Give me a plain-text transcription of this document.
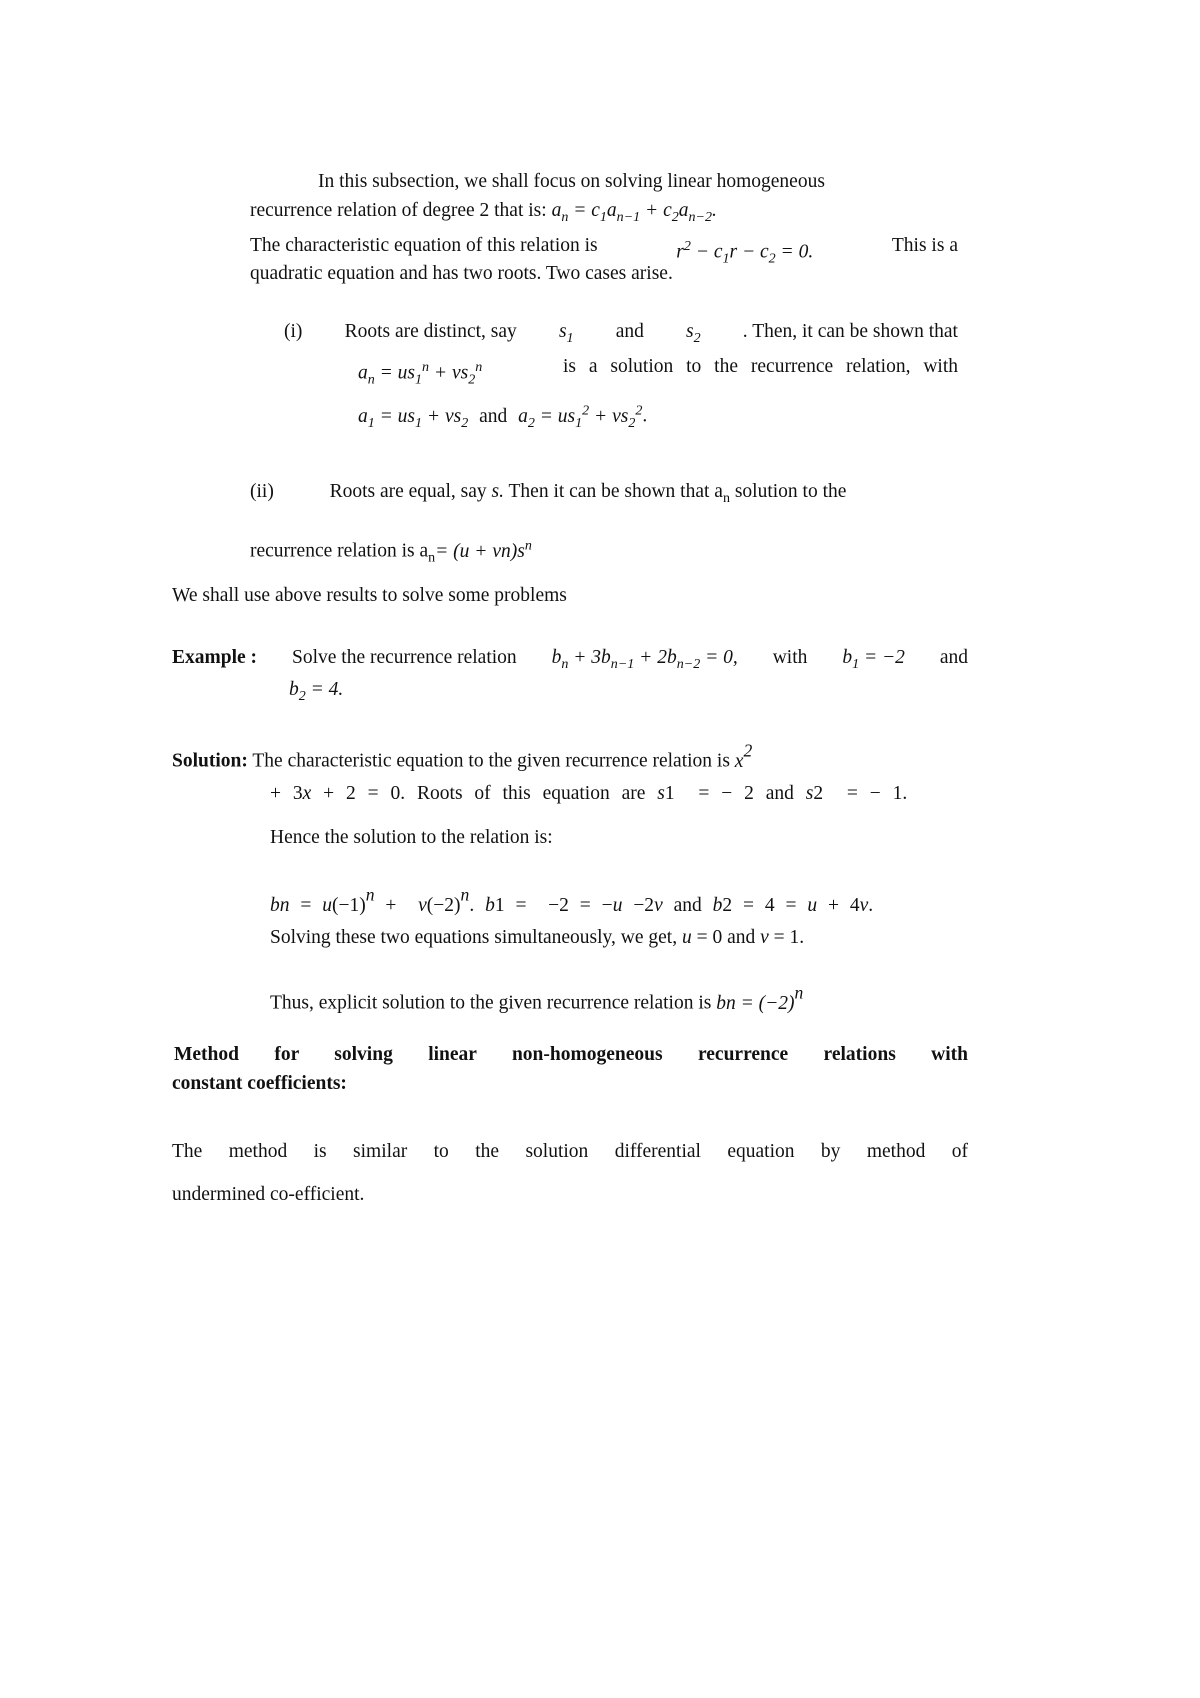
In this subsection, we shall focus on solving linear homogeneous
recurrence relation of degree 2 that is: $a_n = c_1a_{n-1} + c_2a_{n-2}$.
The characteristic equation of this relation is	$r^2 - c_1r - c_2 = 0$.	This is a
quadratic equation and has two roots. Two cases arise.
(i) Roots are distinct, say $s_1$ and $s_2$ . Then, it can be shown that
$a_n = us_1^n + vs_2^n$	is a solution to the recurrence relation, with
$a_1 = us_1 + vs_2$ and $a_2 = us_1^2 + vs_2^2$.
(ii)	Roots are equal, say s. Then it can be shown that $a_n$ solution to the
recurrence relation is $a_n= (u + vn)s^n$
We shall use above results to solve some problems
Example : Solve the recurrence relation $b_n + 3b_{n-1} + 2b_{n-2} = 0$, with $b_1 = -2$ and
$b_2 = 4$.
Solution: The characteristic equation to the given recurrence relation is x2
+ 3x + 2 = 0. Roots of this equation are s1  = − 2 and s2  = − 1.
Hence the solution to the relation is:
bn = u(−1)n +  v(−2)n. b1 =  −2 = −u −2v and b2 = 4 = u + 4v.
Solving these two equations simultaneously, we get, u = 0 and v = 1.
Thus, explicit solution to the given recurrence relation is bn = (−2)n
Method for solving linear non-homogeneous recurrence relations with
constant coefficients:
The method is similar to the solution differential equation by method of
undermined co-efficient.
